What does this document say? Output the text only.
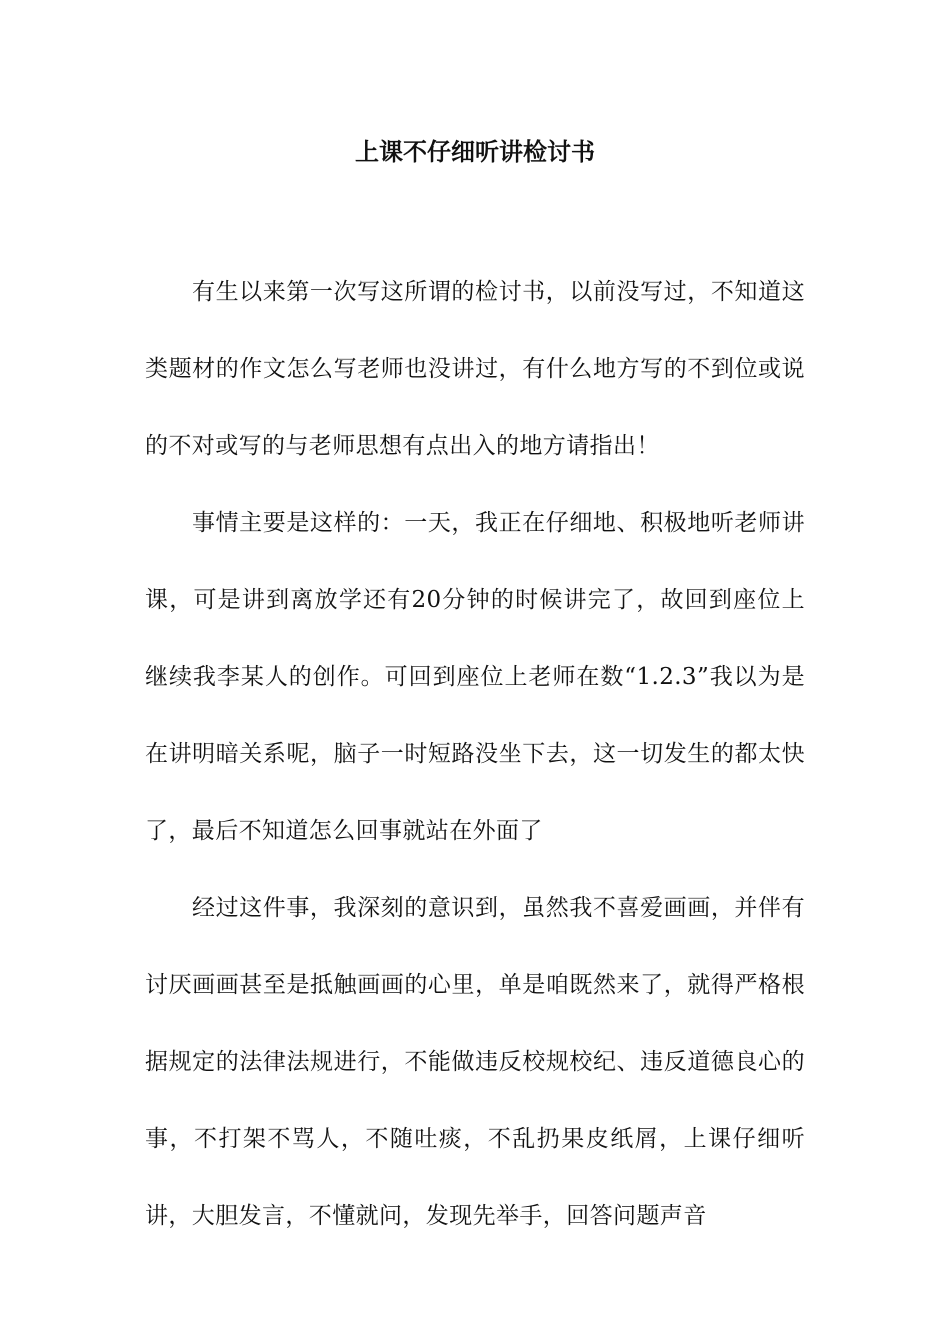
上课不仔细听讲检讨书

有生以来第一次写这所谓的检讨书，以前没写过，不知道这类题材的作文怎么写老师也没讲过，有什么地方写的不到位或说的不对或写的与老师思想有点出入的地方请指出！

事情主要是这样的：一天，我正在仔细地、积极地听老师讲课，可是讲到离放学还有20分钟的时候讲完了，故回到座位上继续我李某人的创作。可回到座位上老师在数“1.2.3”我以为是在讲明暗关系呢，脑子一时短路没坐下去，这一切发生的都太快了，最后不知道怎么回事就站在外面了

经过这件事，我深刻的意识到，虽然我不喜爱画画，并伴有讨厌画画甚至是抵触画画的心里，单是咱既然来了，就得严格根据规定的法律法规进行，不能做违反校规校纪、违反道德良心的事，不打架不骂人，不随吐痰，不乱扔果皮纸屑，上课仔细听讲，大胆发言，不懂就问，发现先举手，回答问题声音
